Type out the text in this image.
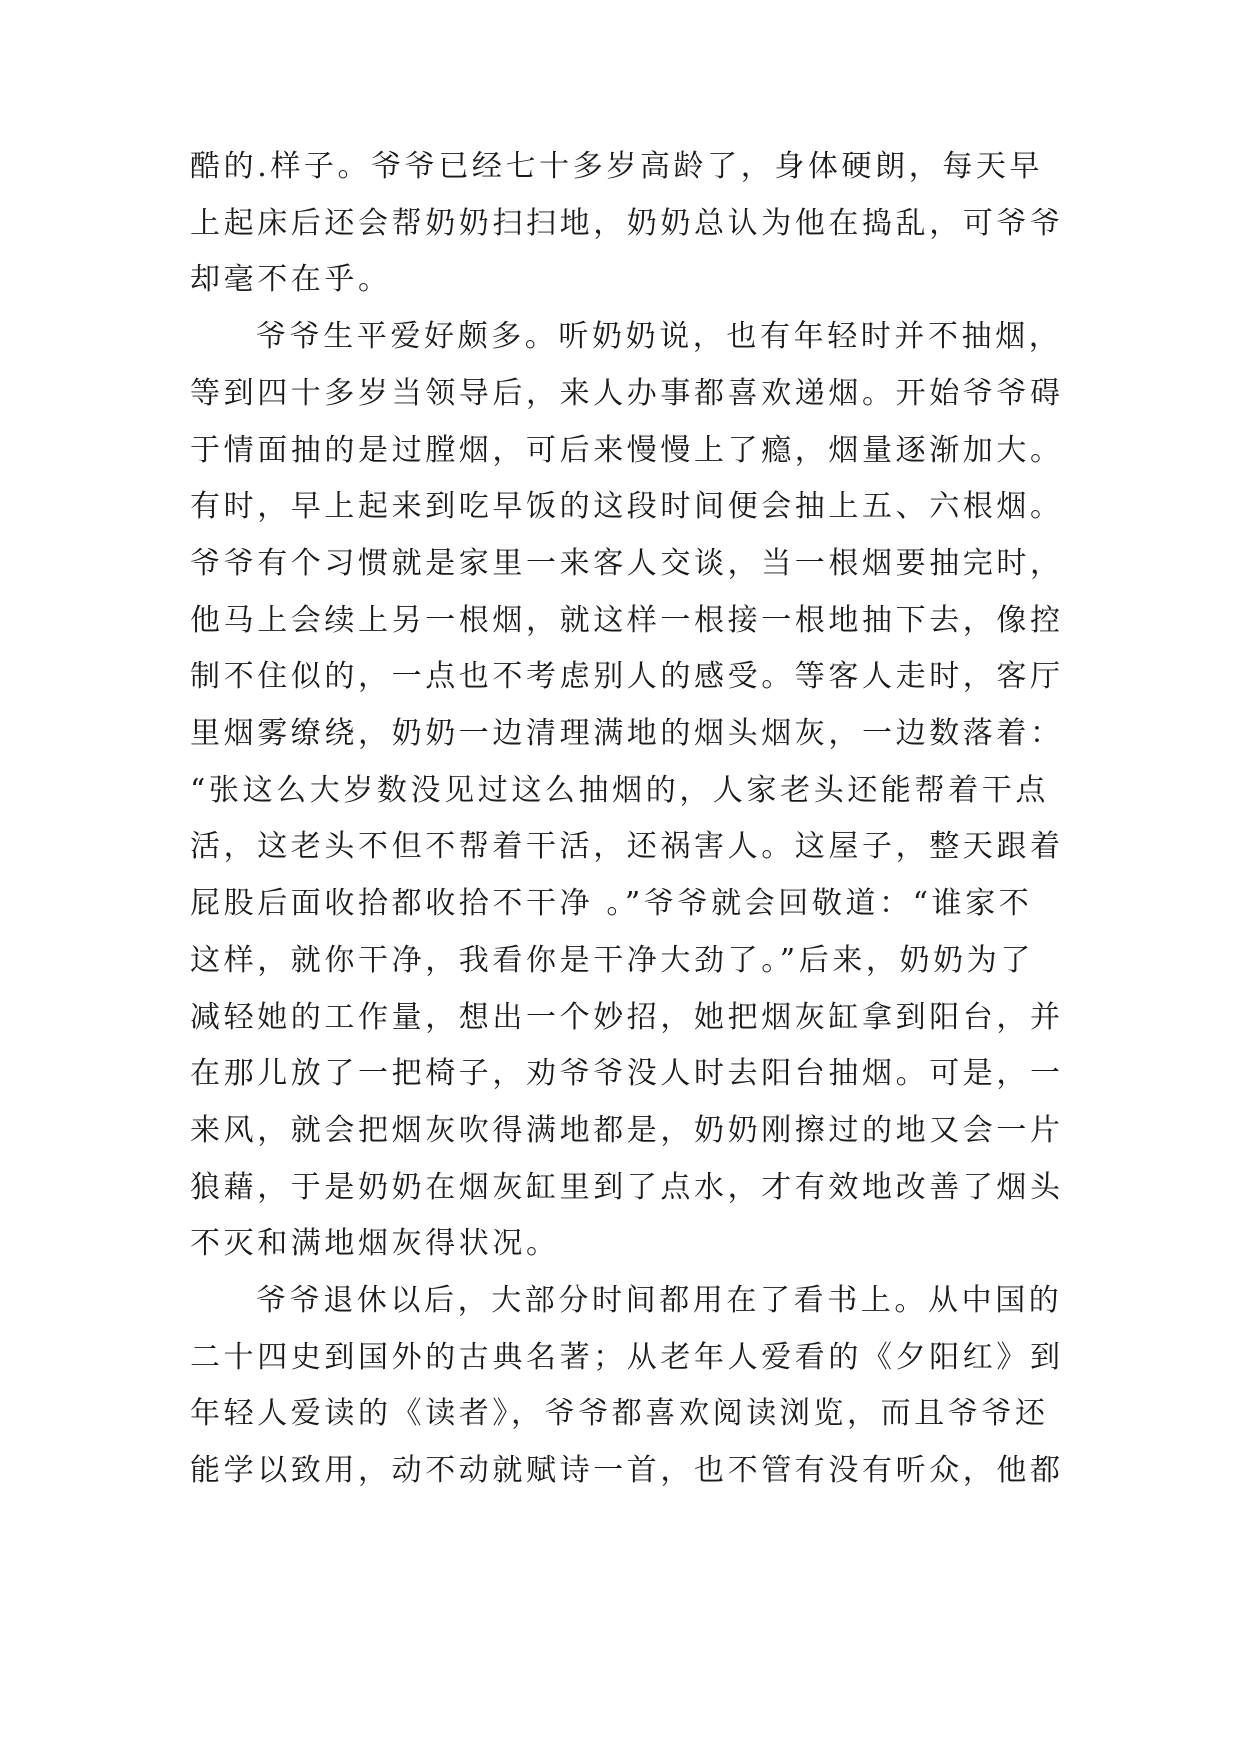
酷的.样子。爷爷已经七十多岁高龄了，身体硬朗，每天早
上起床后还会帮奶奶扫扫地，奶奶总认为他在捣乱，可爷爷
却毫不在乎。
爷爷生平爱好颇多。听奶奶说，也有年轻时并不抽烟，
等到四十多岁当领导后，来人办事都喜欢递烟。开始爷爷碍
于情面抽的是过膛烟，可后来慢慢上了瘾，烟量逐渐加大。
有时，早上起来到吃早饭的这段时间便会抽上五、六根烟。
爷爷有个习惯就是家里一来客人交谈，当一根烟要抽完时，
他马上会续上另一根烟，就这样一根接一根地抽下去，像控
制不住似的，一点也不考虑别人的感受。等客人走时，客厅
里烟雾缭绕，奶奶一边清理满地的烟头烟灰，一边数落着：
“张这么大岁数没见过这么抽烟的，人家老头还能帮着干点
活，这老头不但不帮着干活，还祸害人。这屋子，整天跟着
屁股后面收拾都收拾不干净 。”爷爷就会回敬道：“谁家不
这样，就你干净，我看你是干净大劲了。”后来，奶奶为了
减轻她的工作量，想出一个妙招，她把烟灰缸拿到阳台，并
在那儿放了一把椅子，劝爷爷没人时去阳台抽烟。可是，一
来风，就会把烟灰吹得满地都是，奶奶刚擦过的地又会一片
狼藉，于是奶奶在烟灰缸里到了点水，才有效地改善了烟头
不灭和满地烟灰得状况。
爷爷退休以后，大部分时间都用在了看书上。从中国的
二十四史到国外的古典名著；从老年人爱看的《夕阳红》到
年轻人爱读的《读者》，爷爷都喜欢阅读浏览，而且爷爷还
能学以致用，动不动就赋诗一首，也不管有没有听众，他都
